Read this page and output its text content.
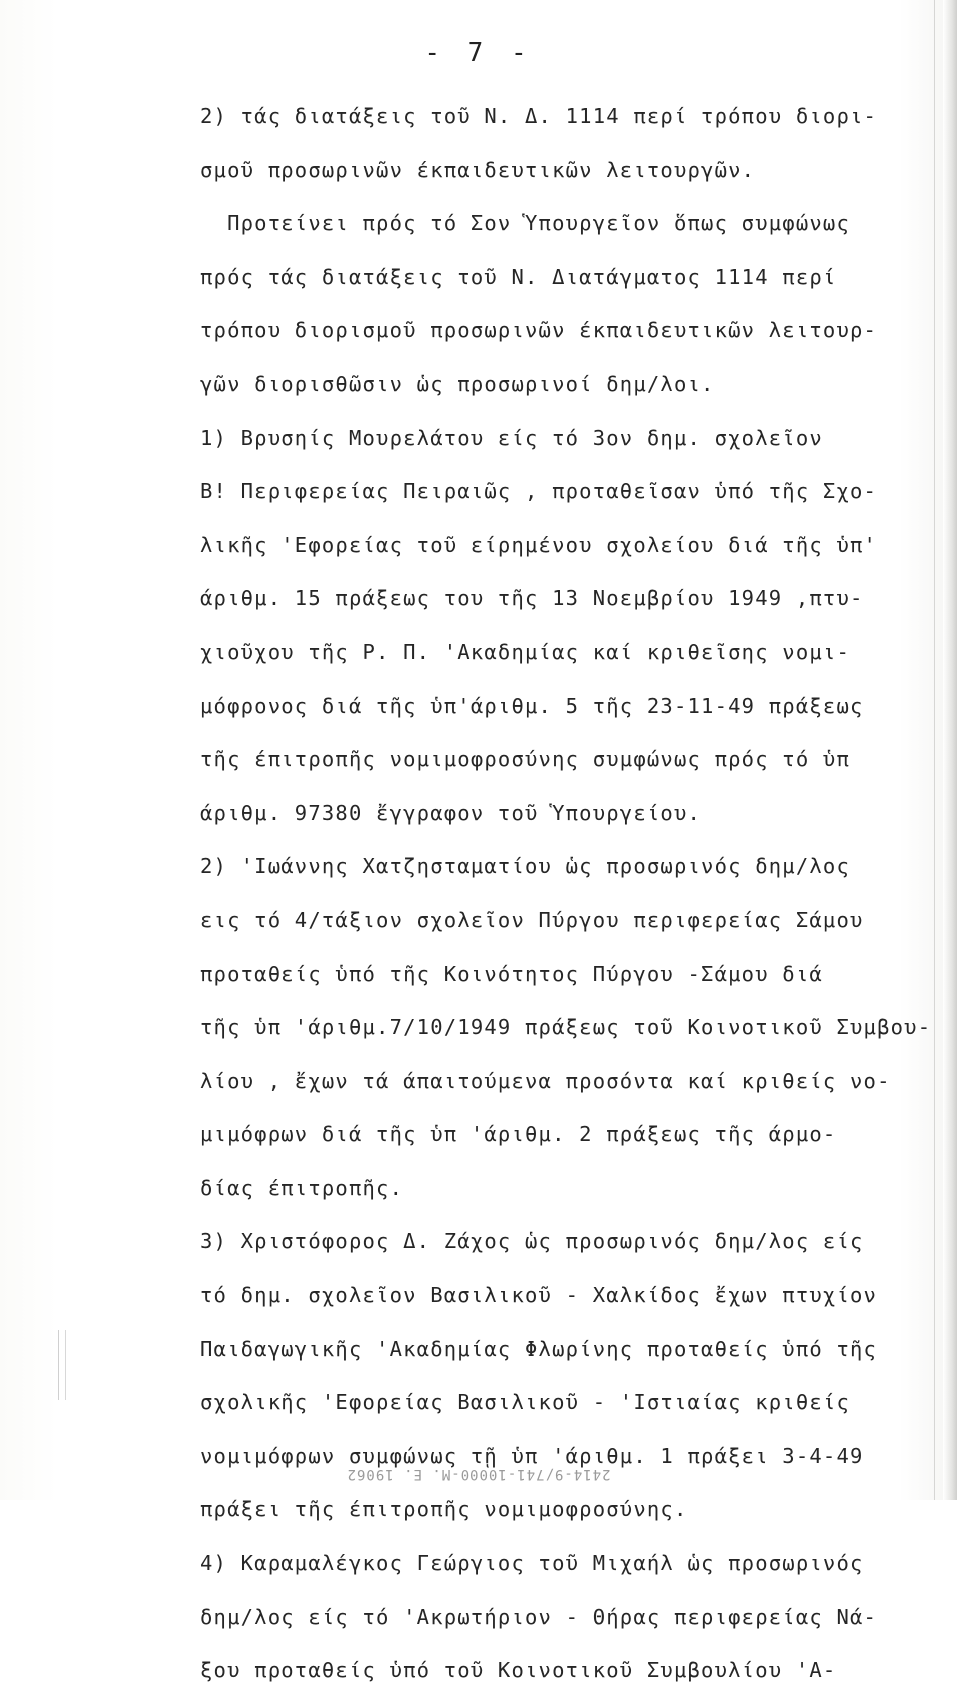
- 7 -
2) τάς διατάξεις τοῦ Ν. Δ. 1114 περί τρόπου διορι-
σμοῦ προσωρινῶν έκπαιδευτικῶν λειτουργῶν.
Προτείνει πρός τό Σον Ὑπουργεῖον ὅπως συμφώνως
πρός τάς διατάξεις τοῦ Ν. Διατάγματος 1114 περί
τρόπου διορισμοῦ προσωρινῶν έκπαιδευτικῶν λειτουρ-
γῶν διορισθῶσιν ὡς προσωρινοί δημ/λοι.
1) Βρυσηίς Μουρελάτου είς τό 3ον δημ. σχολεῖον
Β! Περιφερείας Πειραιῶς , προταθεῖσαν ὑπό τῆς Σχο-
λικῆς 'Εφορείας τοῦ είρημένου σχολείου διά τῆς ὑπ'
άριθμ. 15 πράξεως του τῆς 13 Νοεμβρίου 1949 ,πτυ-
χιοῦχου τῆς Ρ. Π. 'Ακαδημίας καί κριθεῖσης νομι-
μόφρονος διά τῆς ὑπ'άριθμ. 5 τῆς 23-11-49 πράξεως
τῆς έπιτροπῆς νομιμοφροσύνης συμφώνως πρός τό ὑπ
άριθμ. 97380 ἔγγραφον τοῦ Ὑπουργείου.
2) 'Ιωάννης Χατζησταματίου ὡς προσωρινός δημ/λος
εις τό 4/τάξιον σχολεῖον Πύργου περιφερείας Σάμου
προταθείς ὑπό τῆς Κοινότητος Πύργου -Σάμου διά
τῆς ὑπ 'άριθμ.7/10/1949 πράξεως τοῦ Κοινοτικοῦ Συμβου-
λίου , ἔχων τά άπαιτούμενα προσόντα καί κριθείς νο-
μιμόφρων διά τῆς ὑπ 'άριθμ. 2 πράξεως τῆς άρμο-
δίας έπιτροπῆς.
3) Χριστόφορος Δ. Ζάχος ὡς προσωρινός δημ/λος είς
τό δημ. σχολεῖον Βασιλικοῦ - Χαλκίδος ἔχων πτυχίον
Παιδαγωγικῆς 'Ακαδημίας Φλωρίνης προταθείς ὑπό τῆς
σχολικῆς 'Εφορείας Βασιλικοῦ - 'Ιστιαίας κριθείς
νομιμόφρων συμφώνως τῇ ὑπ 'άριθμ. 1 πράξει 3-4-49
πράξει τῆς έπιτροπῆς νομιμοφροσύνης.
4) Καραμαλέγκος Γεώργιος τοῦ Μιχαήλ ὡς προσωρινός
δημ/λος είς τό 'Ακρωτήριον - Θήρας περιφερείας Νά-
ξου προταθείς ὑπό τοῦ Κοινοτικοῦ Συμβουλίου 'Α-
2414-9/741-10000-Μ. Ε. 19062
